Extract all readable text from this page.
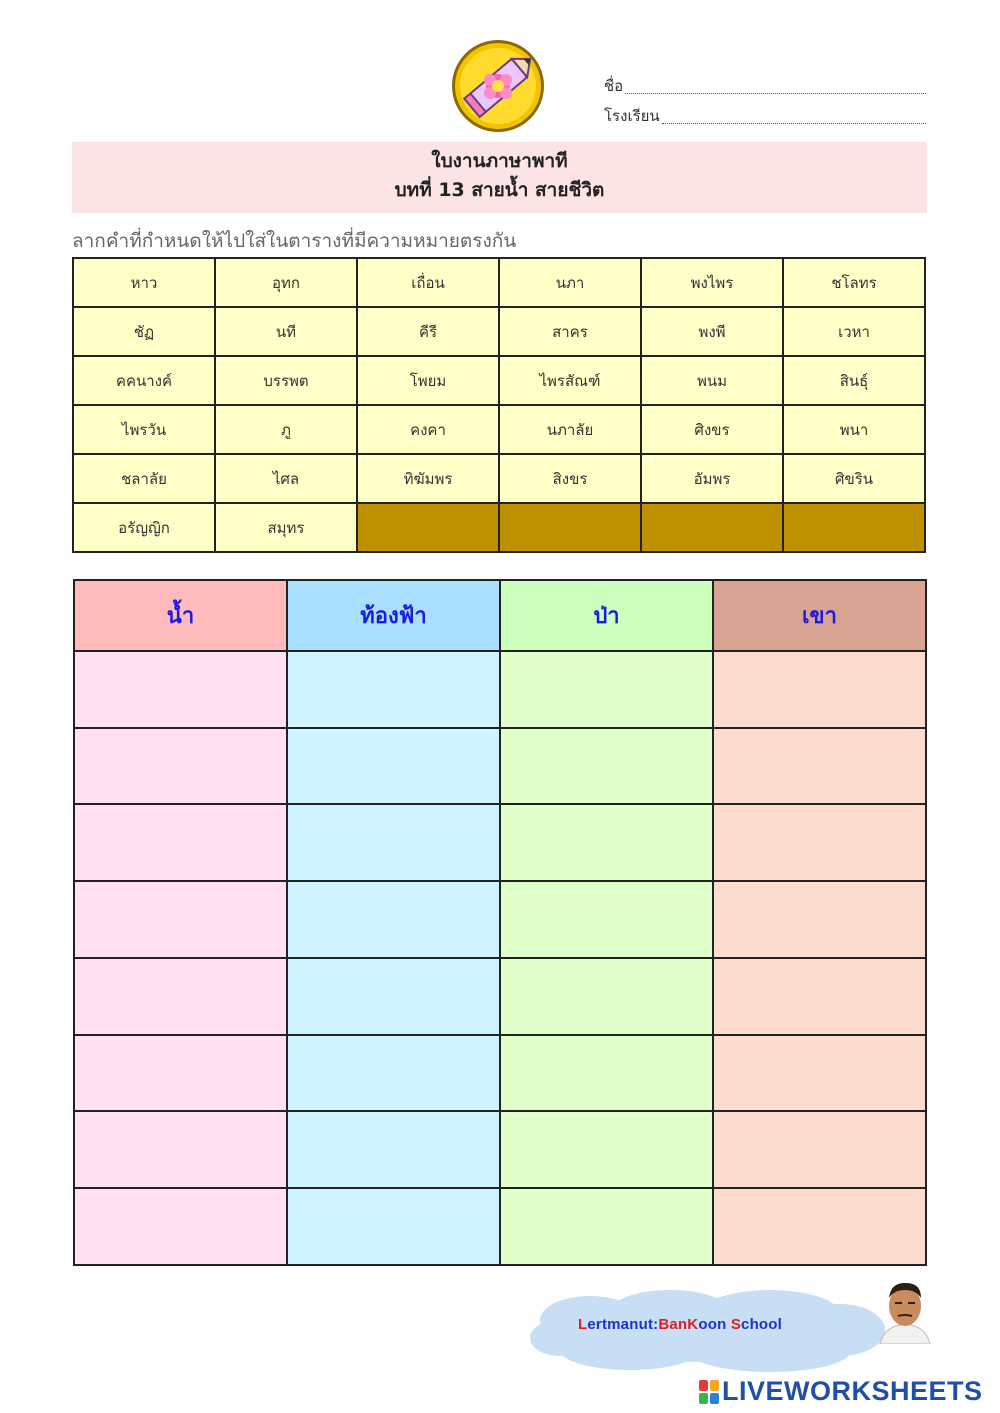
ชื่อ
โรงเรียน
ใบงานภาษาพาที
บทที่ 13 สายน้ำ สายชีวิต
ลากคำที่กำหนดให้ไปใส่ในตารางที่มีความหมายตรงกัน
หาว	อุทก	เถื่อน	นภา	พงไพร	ชโลทร
ชัฏ	นที	คีรี	สาคร	พงพี	เวหา
คคนางค์	บรรพต	โพยม	ไพรสัณฑ์	พนม	สินธุ์
ไพรวัน	ภู	คงคา	นภาลัย	ศิงขร	พนา
ชลาลัย	ไศล	ทิฆัมพร	สิงขร	อัมพร	ศิขริน
อรัญญิก	สมุทร				
น้ำ	ท้องฟ้า	ป่า	เขา

Lertmanut:BanKoon School
LIVEWORKSHEETS
